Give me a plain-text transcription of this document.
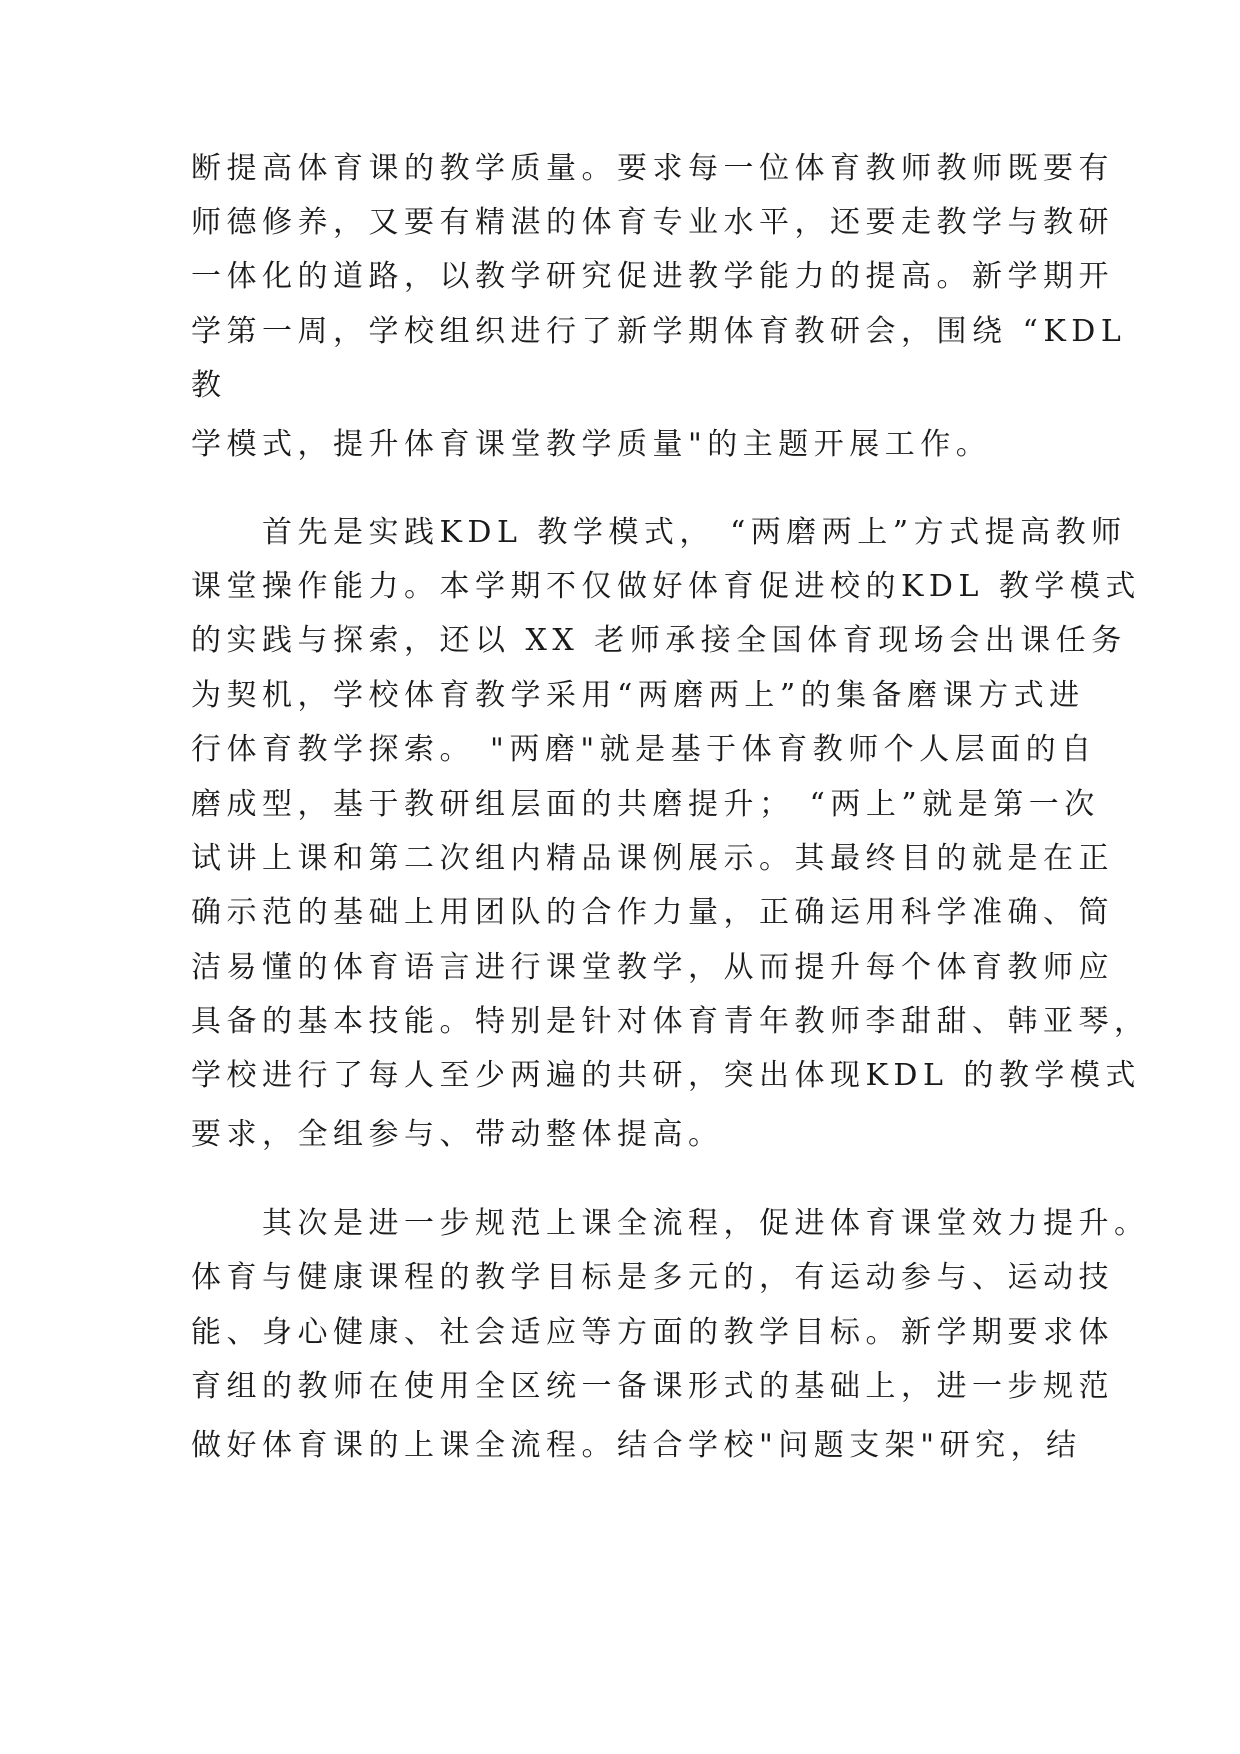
断提高体育课的教学质量。要求每一位体育教师教师既要有

师德修养，又要有精湛的体育专业水平，还要走教学与教研

一体化的道路，以教学研究促进教学能力的提高。新学期开

学第一周，学校组织进行了新学期体育教研会，围绕 “KDL

教

学模式，提升体育课堂教学质量"的主题开展工作。

首先是实践KDL 教学模式， “两磨两上”方式提高教师

课堂操作能力。本学期不仅做好体育促进校的KDL 教学模式

的实践与探索，还以 XX 老师承接全国体育现场会出课任务

为契机，学校体育教学采用“两磨两上”的集备磨课方式进

行体育教学探索。 "两磨"就是基于体育教师个人层面的自

磨成型，基于教研组层面的共磨提升； “两上”就是第一次

试讲上课和第二次组内精品课例展示。其最终目的就是在正

确示范的基础上用团队的合作力量，正确运用科学准确、简

洁易懂的体育语言进行课堂教学，从而提升每个体育教师应

具备的基本技能。特别是针对体育青年教师李甜甜、韩亚琴，

学校进行了每人至少两遍的共研，突出体现KDL 的教学模式

要求，全组参与、带动整体提高。

其次是进一步规范上课全流程，促进体育课堂效力提升。

体育与健康课程的教学目标是多元的，有运动参与、运动技

能、身心健康、社会适应等方面的教学目标。新学期要求体

育组的教师在使用全区统一备课形式的基础上，进一步规范

做好体育课的上课全流程。结合学校"问题支架"研究，结
